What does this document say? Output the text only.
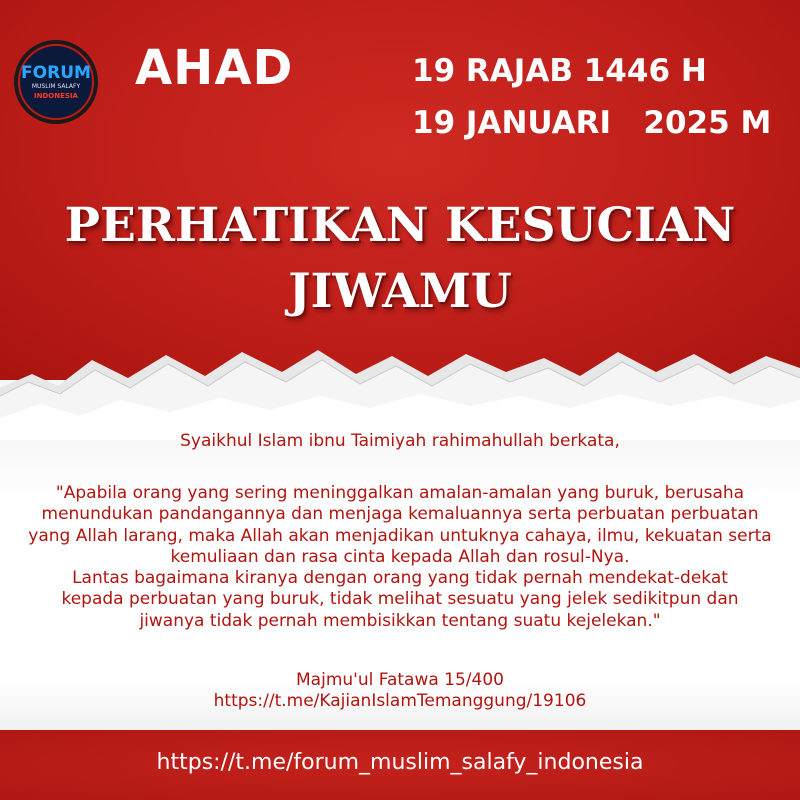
FORUM
MUSLIM SALAFY
INDONESIA AHAD	19 RAJAB 1446 H

19 JANUARI   2025 M

PERHATIKAN KESUCIAN
JIWAMU

Syaikhul Islam ibnu Taimiyah rahimahullah berkata,

"Apabila orang yang sering meninggalkan amalan-amalan yang buruk, berusaha
menundukan pandangannya dan menjaga kemaluannya serta perbuatan perbuatan
yang Allah larang, maka Allah akan menjadikan untuknya cahaya, ilmu, kekuatan serta
kemuliaan dan rasa cinta kepada Allah dan rosul-Nya.
Lantas bagaimana kiranya dengan orang yang tidak pernah mendekat-dekat
kepada perbuatan yang buruk, tidak melihat sesuatu yang jelek sedikitpun dan
jiwanya tidak pernah membisikkan tentang suatu kejelekan."
Majmu'ul Fatawa 15/400
https://t.me/KajianIslamTemanggung/19106

https://t.me/forum_muslim_salafy_indonesia
